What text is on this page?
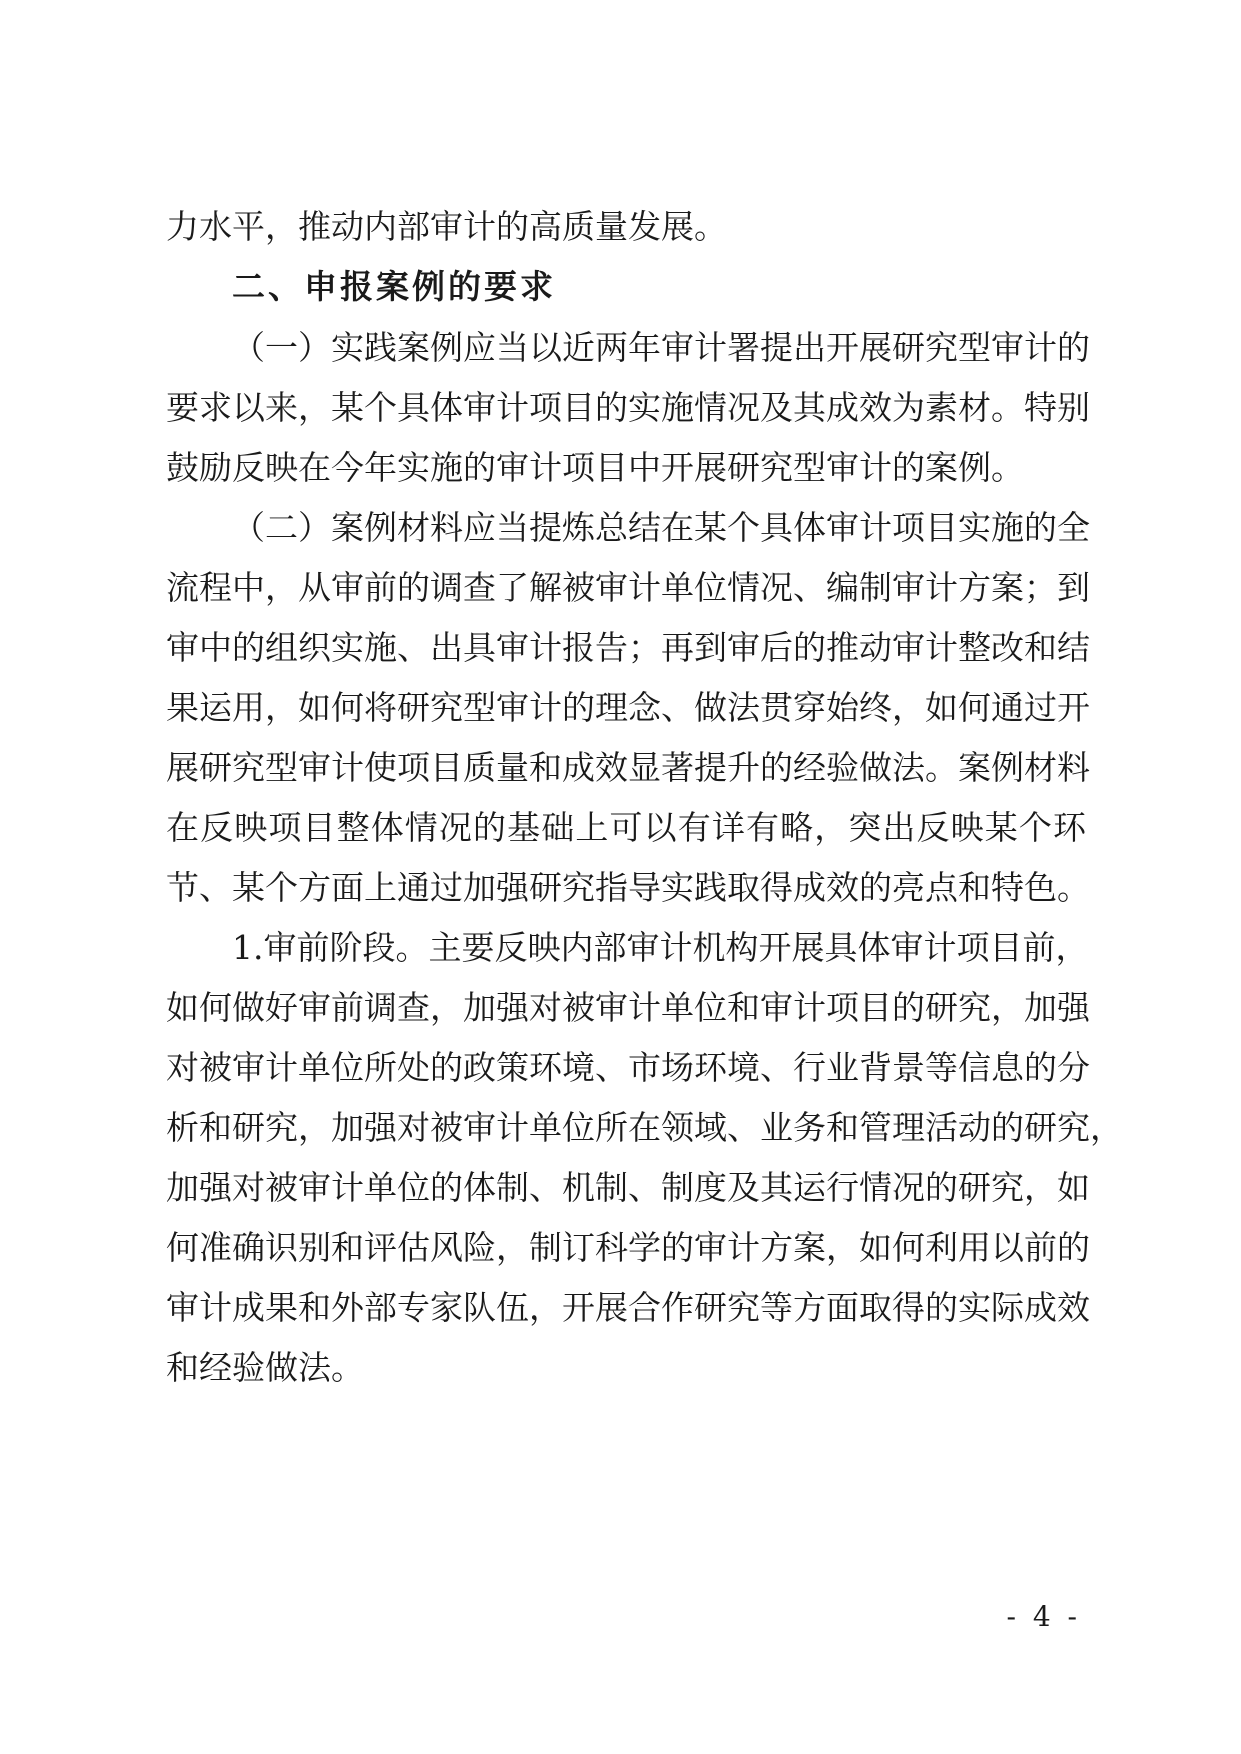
力水平，推动内部审计的高质量发展。
二、申报案例的要求
（一）实践案例应当以近两年审计署提出开展研究型审计的
要求以来，某个具体审计项目的实施情况及其成效为素材。特别
鼓励反映在今年实施的审计项目中开展研究型审计的案例。
（二）案例材料应当提炼总结在某个具体审计项目实施的全
流程中，从审前的调查了解被审计单位情况、编制审计方案；到
审中的组织实施、出具审计报告；再到审后的推动审计整改和结
果运用，如何将研究型审计的理念、做法贯穿始终，如何通过开
展研究型审计使项目质量和成效显著提升的经验做法。案例材料
在反映项目整体情况的基础上可以有详有略，突出反映某个环
节、某个方面上通过加强研究指导实践取得成效的亮点和特色。
1.审前阶段。主要反映内部审计机构开展具体审计项目前，
如何做好审前调查，加强对被审计单位和审计项目的研究，加强
对被审计单位所处的政策环境、市场环境、行业背景等信息的分
析和研究，加强对被审计单位所在领域、业务和管理活动的研究，
加强对被审计单位的体制、机制、制度及其运行情况的研究，如
何准确识别和评估风险，制订科学的审计方案，如何利用以前的
审计成果和外部专家队伍，开展合作研究等方面取得的实际成效
和经验做法。
- 4 -
